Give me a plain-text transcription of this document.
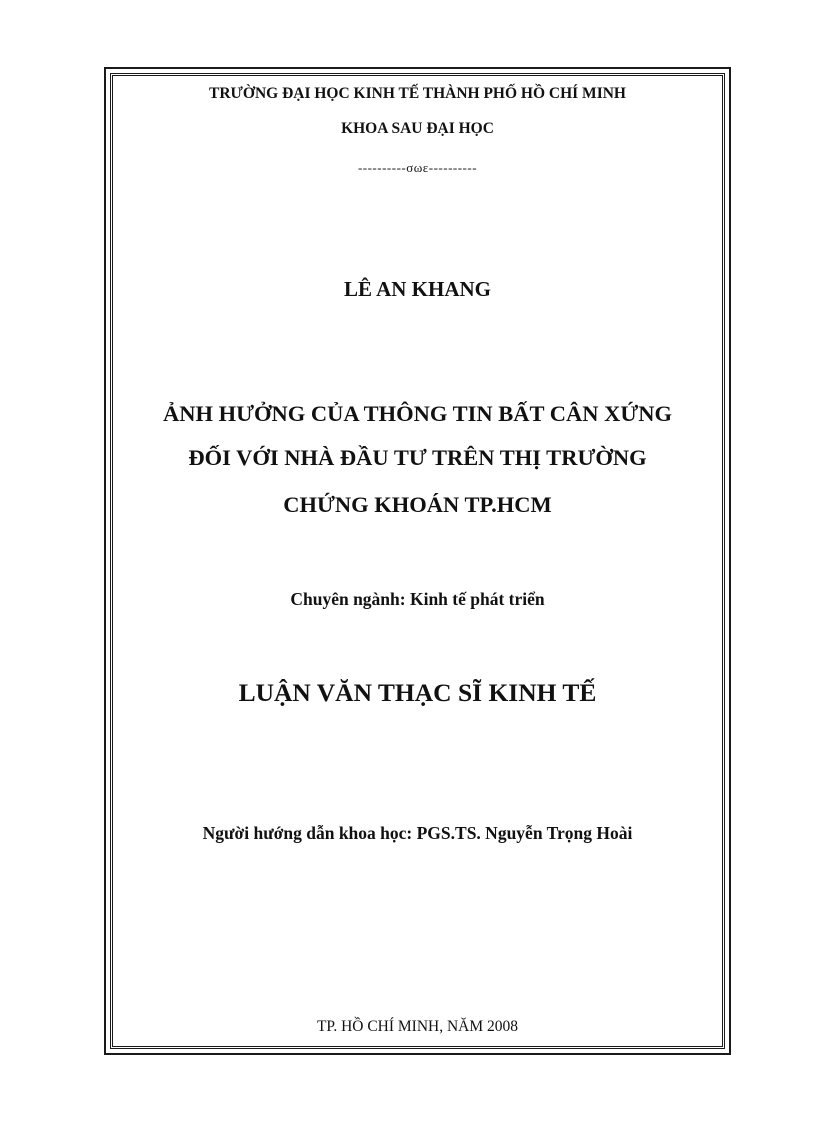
TRƯỜNG ĐẠI HỌC KINH TẾ THÀNH PHỐ HỒ CHÍ MINH
KHOA SAU ĐẠI HỌC
----------σωε----------
LÊ AN KHANG
ẢNH HƯỞNG CỦA THÔNG TIN BẤT CÂN XỨNG
ĐỐI VỚI NHÀ ĐẦU TƯ TRÊN THỊ TRƯỜNG
CHỨNG KHOÁN TP.HCM
Chuyên ngành: Kinh tế phát triển
LUẬN VĂN THẠC SĨ KINH TẾ
Người hướng dẫn khoa học: PGS.TS. Nguyễn Trọng Hoài
TP. HỒ CHÍ MINH, NĂM 2008
